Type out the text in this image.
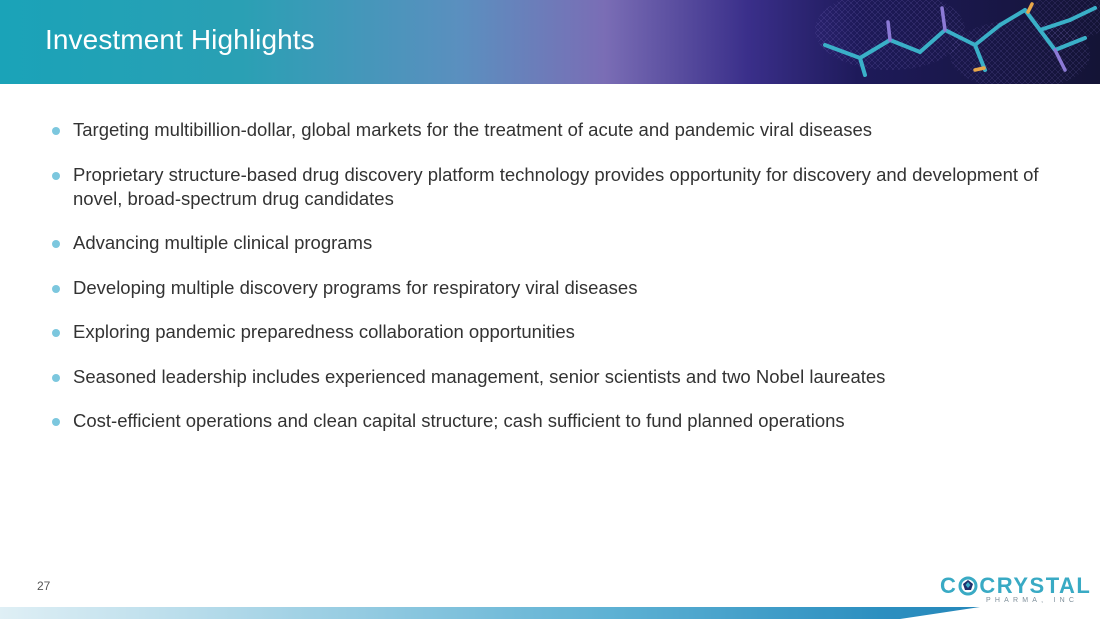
Investment Highlights
Targeting multibillion-dollar, global markets for the treatment of acute and pandemic viral diseases
Proprietary structure-based drug discovery platform technology provides opportunity for discovery and development of novel, broad-spectrum drug candidates
Advancing multiple clinical programs
Developing multiple discovery programs for respiratory viral diseases
Exploring pandemic preparedness collaboration opportunities
Seasoned leadership includes experienced management, senior scientists and two Nobel laureates
Cost-efficient operations and clean capital structure; cash sufficient to fund planned operations
27	C CRYSTAL
PHARMA, INC
